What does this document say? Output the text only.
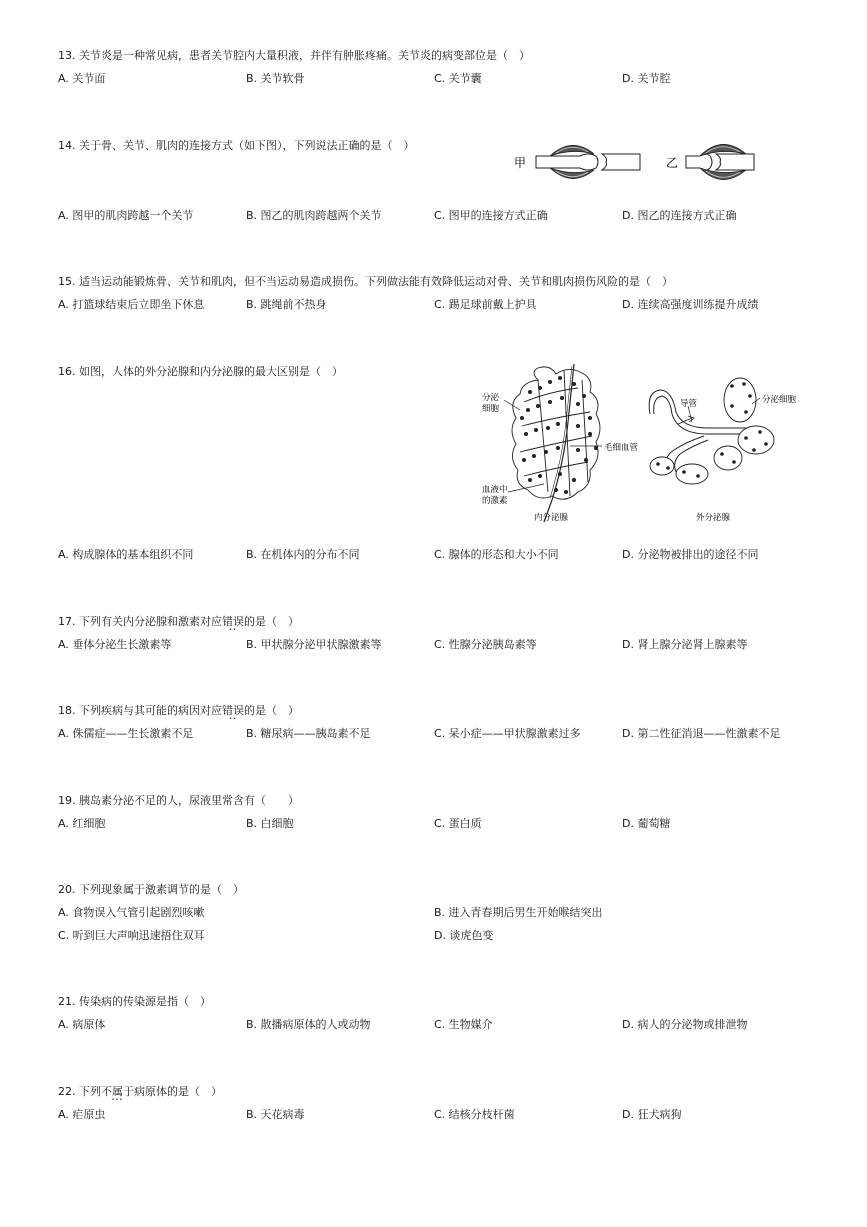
13. 关节炎是一种常见病，患者关节腔内大量积液，并伴有肿胀疼痛。关节炎的病变部位是（　）
A. 关节面	B. 关节软骨	C. 关节囊	D. 关节腔
14. 关于骨、关节、肌肉的连接方式（如下图），下列说法正确的是（　）
甲	乙
A. 图甲的肌肉跨越一个关节	B. 图乙的肌肉跨越两个关节	C. 图甲的连接方式正确	D. 图乙的连接方式正确
15. 适当运动能锻炼骨、关节和肌肉，但不当运动易造成损伤。下列做法能有效降低运动对骨、关节和肌肉损伤风险的是（　）
A. 打篮球结束后立即坐下休息	B. 跳绳前不热身	C. 踢足球前戴上护具	D. 连续高强度训练提升成绩
16. 如图，人体的外分泌腺和内分泌腺的最大区别是（　）
分泌细胞
血液中的激素
毛细血管
内分泌腺
导管	分泌细胞
外分泌腺
A. 构成腺体的基本组织不同	B. 在机体内的分布不同	C. 腺体的形态和大小不同	D. 分泌物被排出的途径不同
17. 下列有关内分泌腺和激素对应错误 ••的是（　）
A. 垂体分泌生长激素等	B. 甲状腺分泌甲状腺激素等	C. 性腺分泌胰岛素等	D. 肾上腺分泌肾上腺素等
18. 下列疾病与其可能的病因对应错误 ••的是（　）
A. 侏儒症——生长激素不足	B. 糖尿病——胰岛素不足	C. 呆小症——甲状腺激素过多	D. 第二性征消退——性激素不足
19. 胰岛素分泌不足的人，尿液里常含有（　　）
A. 红细胞	B. 白细胞	C. 蛋白质	D. 葡萄糖
20. 下列现象属于激素调节的是（　）
A. 食物误入气管引起剧烈咳嗽	B. 进入青春期后男生开始喉结突出
C. 听到巨大声响迅速捂住双耳	D. 谈虎色变
21. 传染病的传染源是指（　）
A. 病原体	B. 散播病原体的人或动物	C. 生物媒介	D. 病人的分泌物或排泄物
22. 下列不属于 •••病原体的是（　）
A. 疟原虫	B. 天花病毒	C. 结核分枝杆菌	D. 狂犬病狗
